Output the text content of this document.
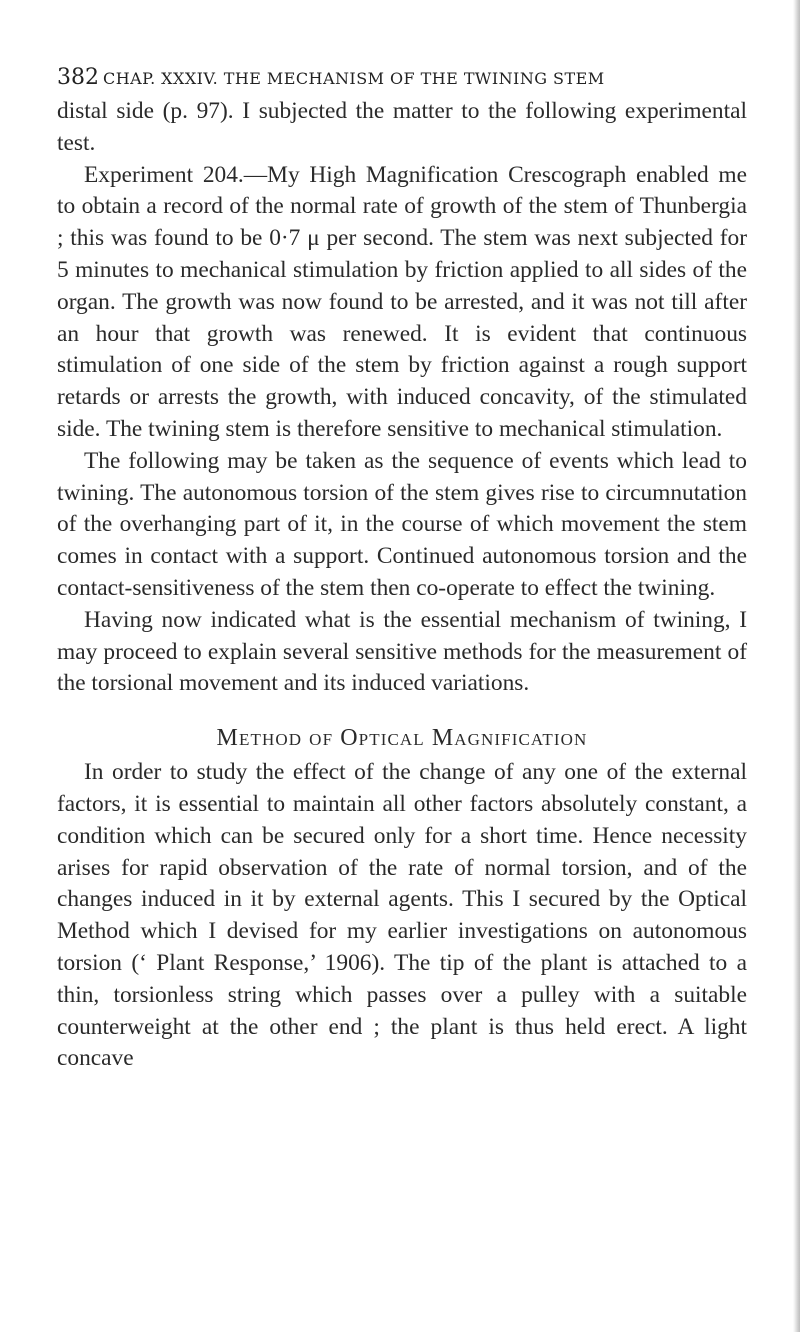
382 CHAP. XXXIV. THE MECHANISM OF THE TWINING STEM

distal side (p. 97). I subjected the matter to the following experimental test.

Experiment 204.—My High Magnification Crescograph enabled me to obtain a record of the normal rate of growth of the stem of Thunbergia ; this was found to be 0·7 μ per second. The stem was next subjected for 5 minutes to mechanical stimulation by friction applied to all sides of the organ. The growth was now found to be arrested, and it was not till after an hour that growth was renewed. It is evident that continuous stimulation of one side of the stem by friction against a rough support retards or arrests the growth, with induced concavity, of the stimulated side. The twining stem is therefore sensitive to mechanical stimulation.

The following may be taken as the sequence of events which lead to twining. The autonomous torsion of the stem gives rise to circumnutation of the overhanging part of it, in the course of which movement the stem comes in contact with a support. Continued autonomous torsion and the contact-sensitiveness of the stem then co-operate to effect the twining.

Having now indicated what is the essential mechanism of twining, I may proceed to explain several sensitive methods for the measurement of the torsional movement and its induced variations.

Method of Optical Magnification

In order to study the effect of the change of any one of the external factors, it is essential to maintain all other factors absolutely constant, a condition which can be secured only for a short time. Hence necessity arises for rapid observation of the rate of normal torsion, and of the changes induced in it by external agents. This I secured by the Optical Method which I devised for my earlier investigations on autonomous torsion (‘ Plant Response,’ 1906). The tip of the plant is attached to a thin, torsionless string which passes over a pulley with a suitable counterweight at the other end ; the plant is thus held erect. A light concave
